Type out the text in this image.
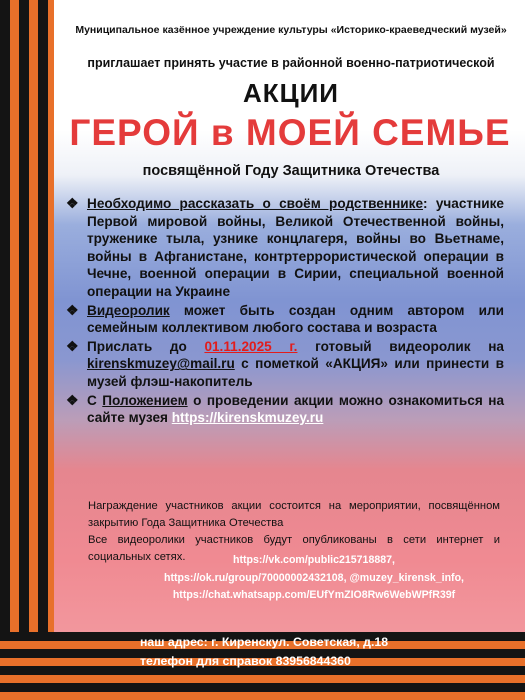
Муниципальное казённое учреждение культуры «Историко-краеведческий музей»
приглашает принять участие в районной военно-патриотической
АКЦИИ
ГЕРОЙ в МОЕЙ СЕМЬЕ
посвящённой Году Защитника Отечества
❖ Необходимо рассказать о своём родственнике: участнике Первой мировой войны, Великой Отечественной войны, труженике тыла, узнике концлагеря, войны во Вьетнаме, войны в Афганистане, контртеррористической операции в Чечне, военной операции в Сирии, специальной военной операции на Украине
❖ Видеоролик может быть создан одним автором или семейным коллективом любого состава и возраста
❖ Прислать до 01.11.2025 г. готовый видеоролик на kirenskmuzey@mail.ru с пометкой «АКЦИЯ» или принести в музей флэш-накопитель
❖ С Положением о проведении акции можно ознакомиться на сайте музея https://kirenskmuzey.ru
Награждение участников акции состоится на мероприятии, посвящённом закрытию Года Защитника Отечества
Все видеоролики участников будут опубликованы в сети интернет и социальных сетях.	https://vk.com/public215718887,
https://ok.ru/group/70000002432108, @muzey_kirensk_info,
https://chat.whatsapp.com/EUfYmZIO8Rw6WebWPfR39f
наш адрес: г. Киренскул. Советская, д.18
телефон для справок 83956844360
